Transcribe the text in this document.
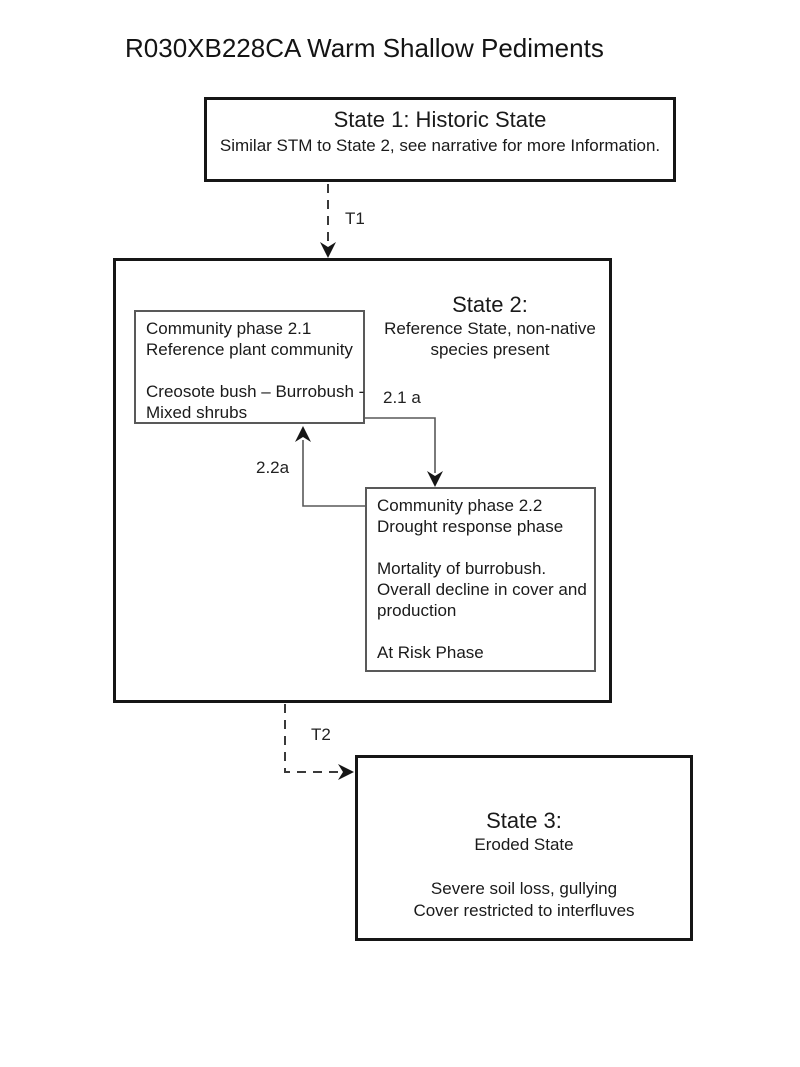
R030XB228CA Warm Shallow Pediments
State 1: Historic State
Similar STM to State 2, see narrative for more Information.
State 2:
Reference State, non-native
species present
Community phase 2.1
Reference plant community
Creosote bush – Burrobush -
Mixed shrubs
Community phase 2.2
Drought response phase
Mortality of burrobush.
Overall decline in cover and
production
At Risk Phase
State 3:
Eroded State
Severe soil loss, gullying
Cover restricted to interfluves
T1
T2
2.1 a
2.2a
